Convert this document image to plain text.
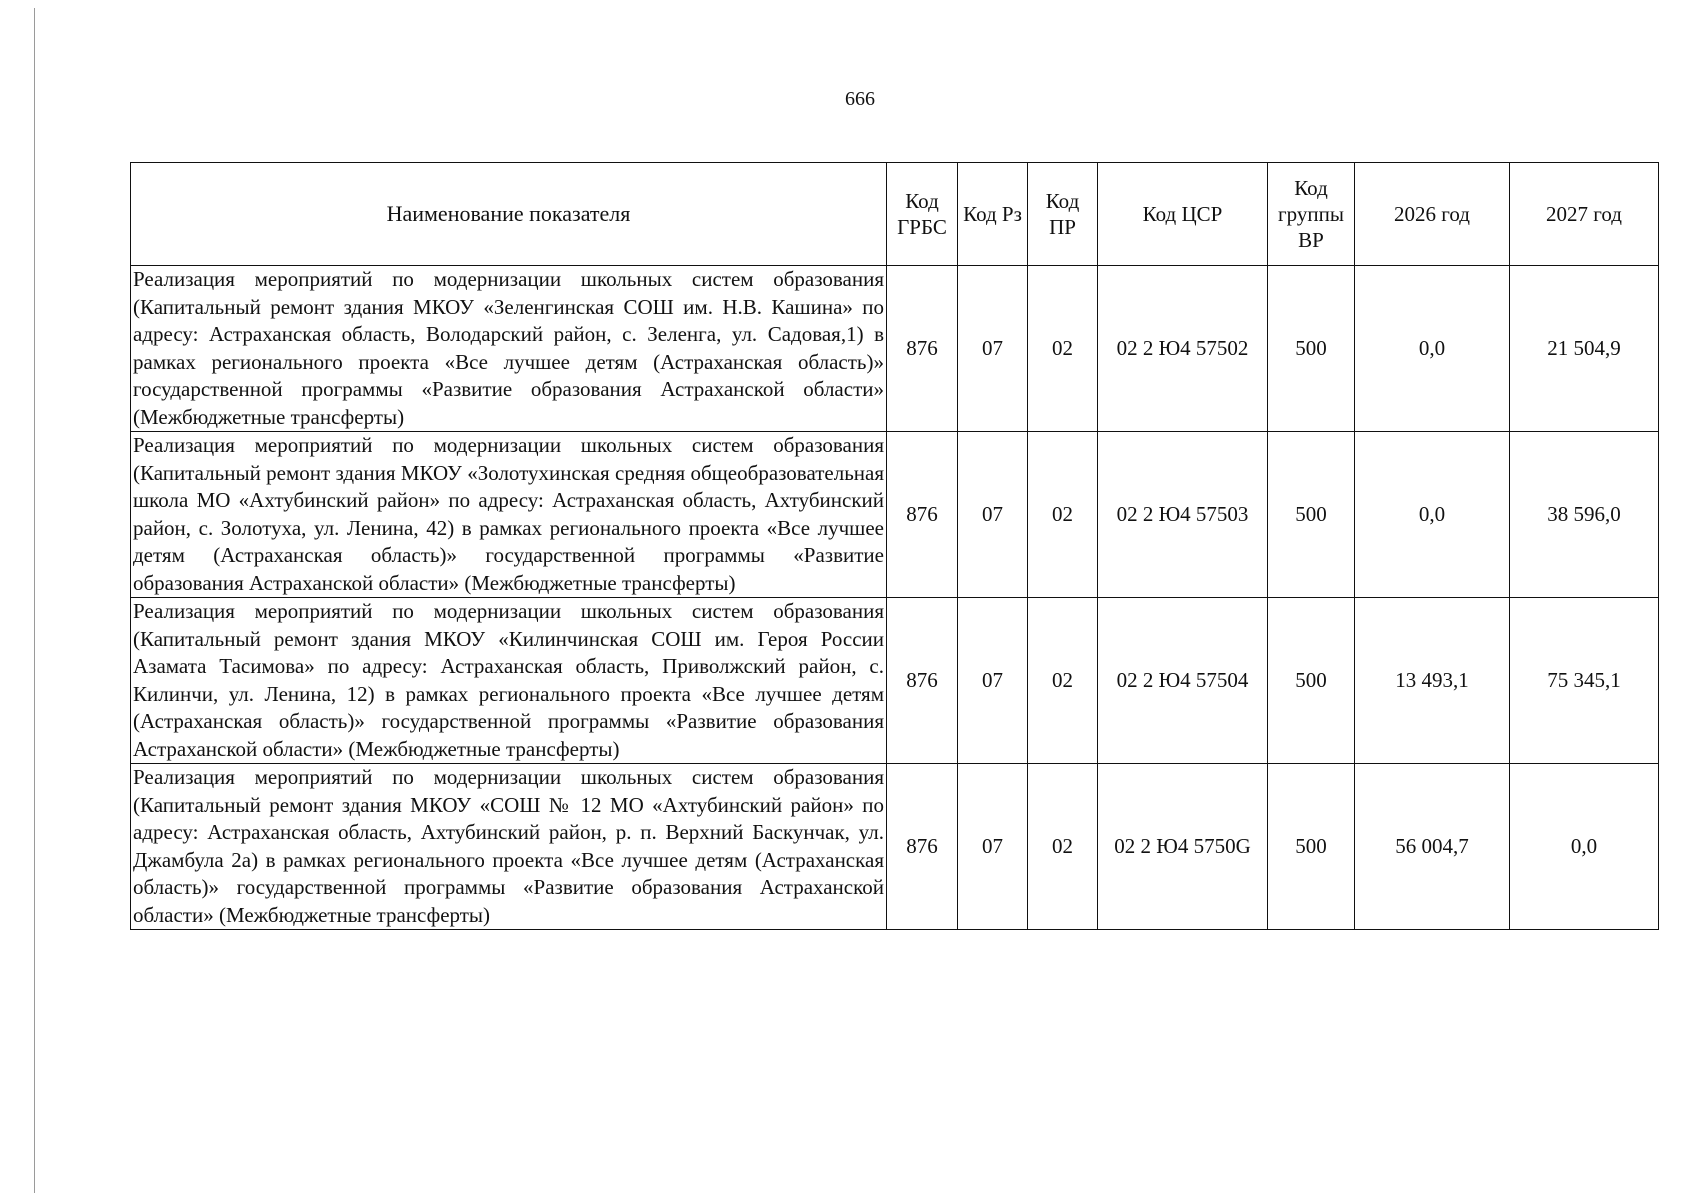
666
Наименование показателя	Код ГРБС	Код Рз	Код ПР	Код ЦСР	Код группы ВР	2026 год	2027 год
Реализация мероприятий по модернизации школьных систем образования (Капитальный ремонт здания МКОУ «Зеленгинская СОШ им. Н.В. Кашина» по адресу: Астраханская область, Володарский район, с. Зеленга, ул. Садовая,1) в рамках регионального проекта «Все лучшее детям (Астраханская область)» государственной программы «Развитие образования Астраханской области» (Межбюджетные трансферты)	876	07	02	02 2 Ю4 57502	500	0,0	21 504,9
Реализация мероприятий по модернизации школьных систем образования (Капитальный ремонт здания МКОУ «Золотухинская средняя общеобразовательная школа МО «Ахтубинский район» по адресу: Астраханская область, Ахтубинский район, с. Золотуха, ул. Ленина, 42) в рамках регионального проекта «Все лучшее детям (Астраханская область)» государственной программы «Развитие образования Астраханской области» (Межбюджетные трансферты)	876	07	02	02 2 Ю4 57503	500	0,0	38 596,0
Реализация мероприятий по модернизации школьных систем образования (Капитальный ремонт здания МКОУ «Килинчинская СОШ им. Героя России Азамата Тасимова» по адресу: Астраханская область, Приволжский район, с. Килинчи, ул. Ленина, 12) в рамках регионального проекта «Все лучшее детям (Астраханская область)» государственной программы «Развитие образования Астраханской области» (Межбюджетные трансферты)	876	07	02	02 2 Ю4 57504	500	13 493,1	75 345,1
Реализация мероприятий по модернизации школьных систем образования (Капитальный ремонт здания МКОУ «СОШ № 12 МО «Ахтубинский район» по адресу: Астраханская область, Ахтубинский район, р. п. Верхний Баскунчак, ул. Джамбула 2а) в рамках регионального проекта «Все лучшее детям (Астраханская область)» государственной программы «Развитие образования Астраханской области» (Межбюджетные трансферты)	876	07	02	02 2 Ю4 5750G	500	56 004,7	0,0
